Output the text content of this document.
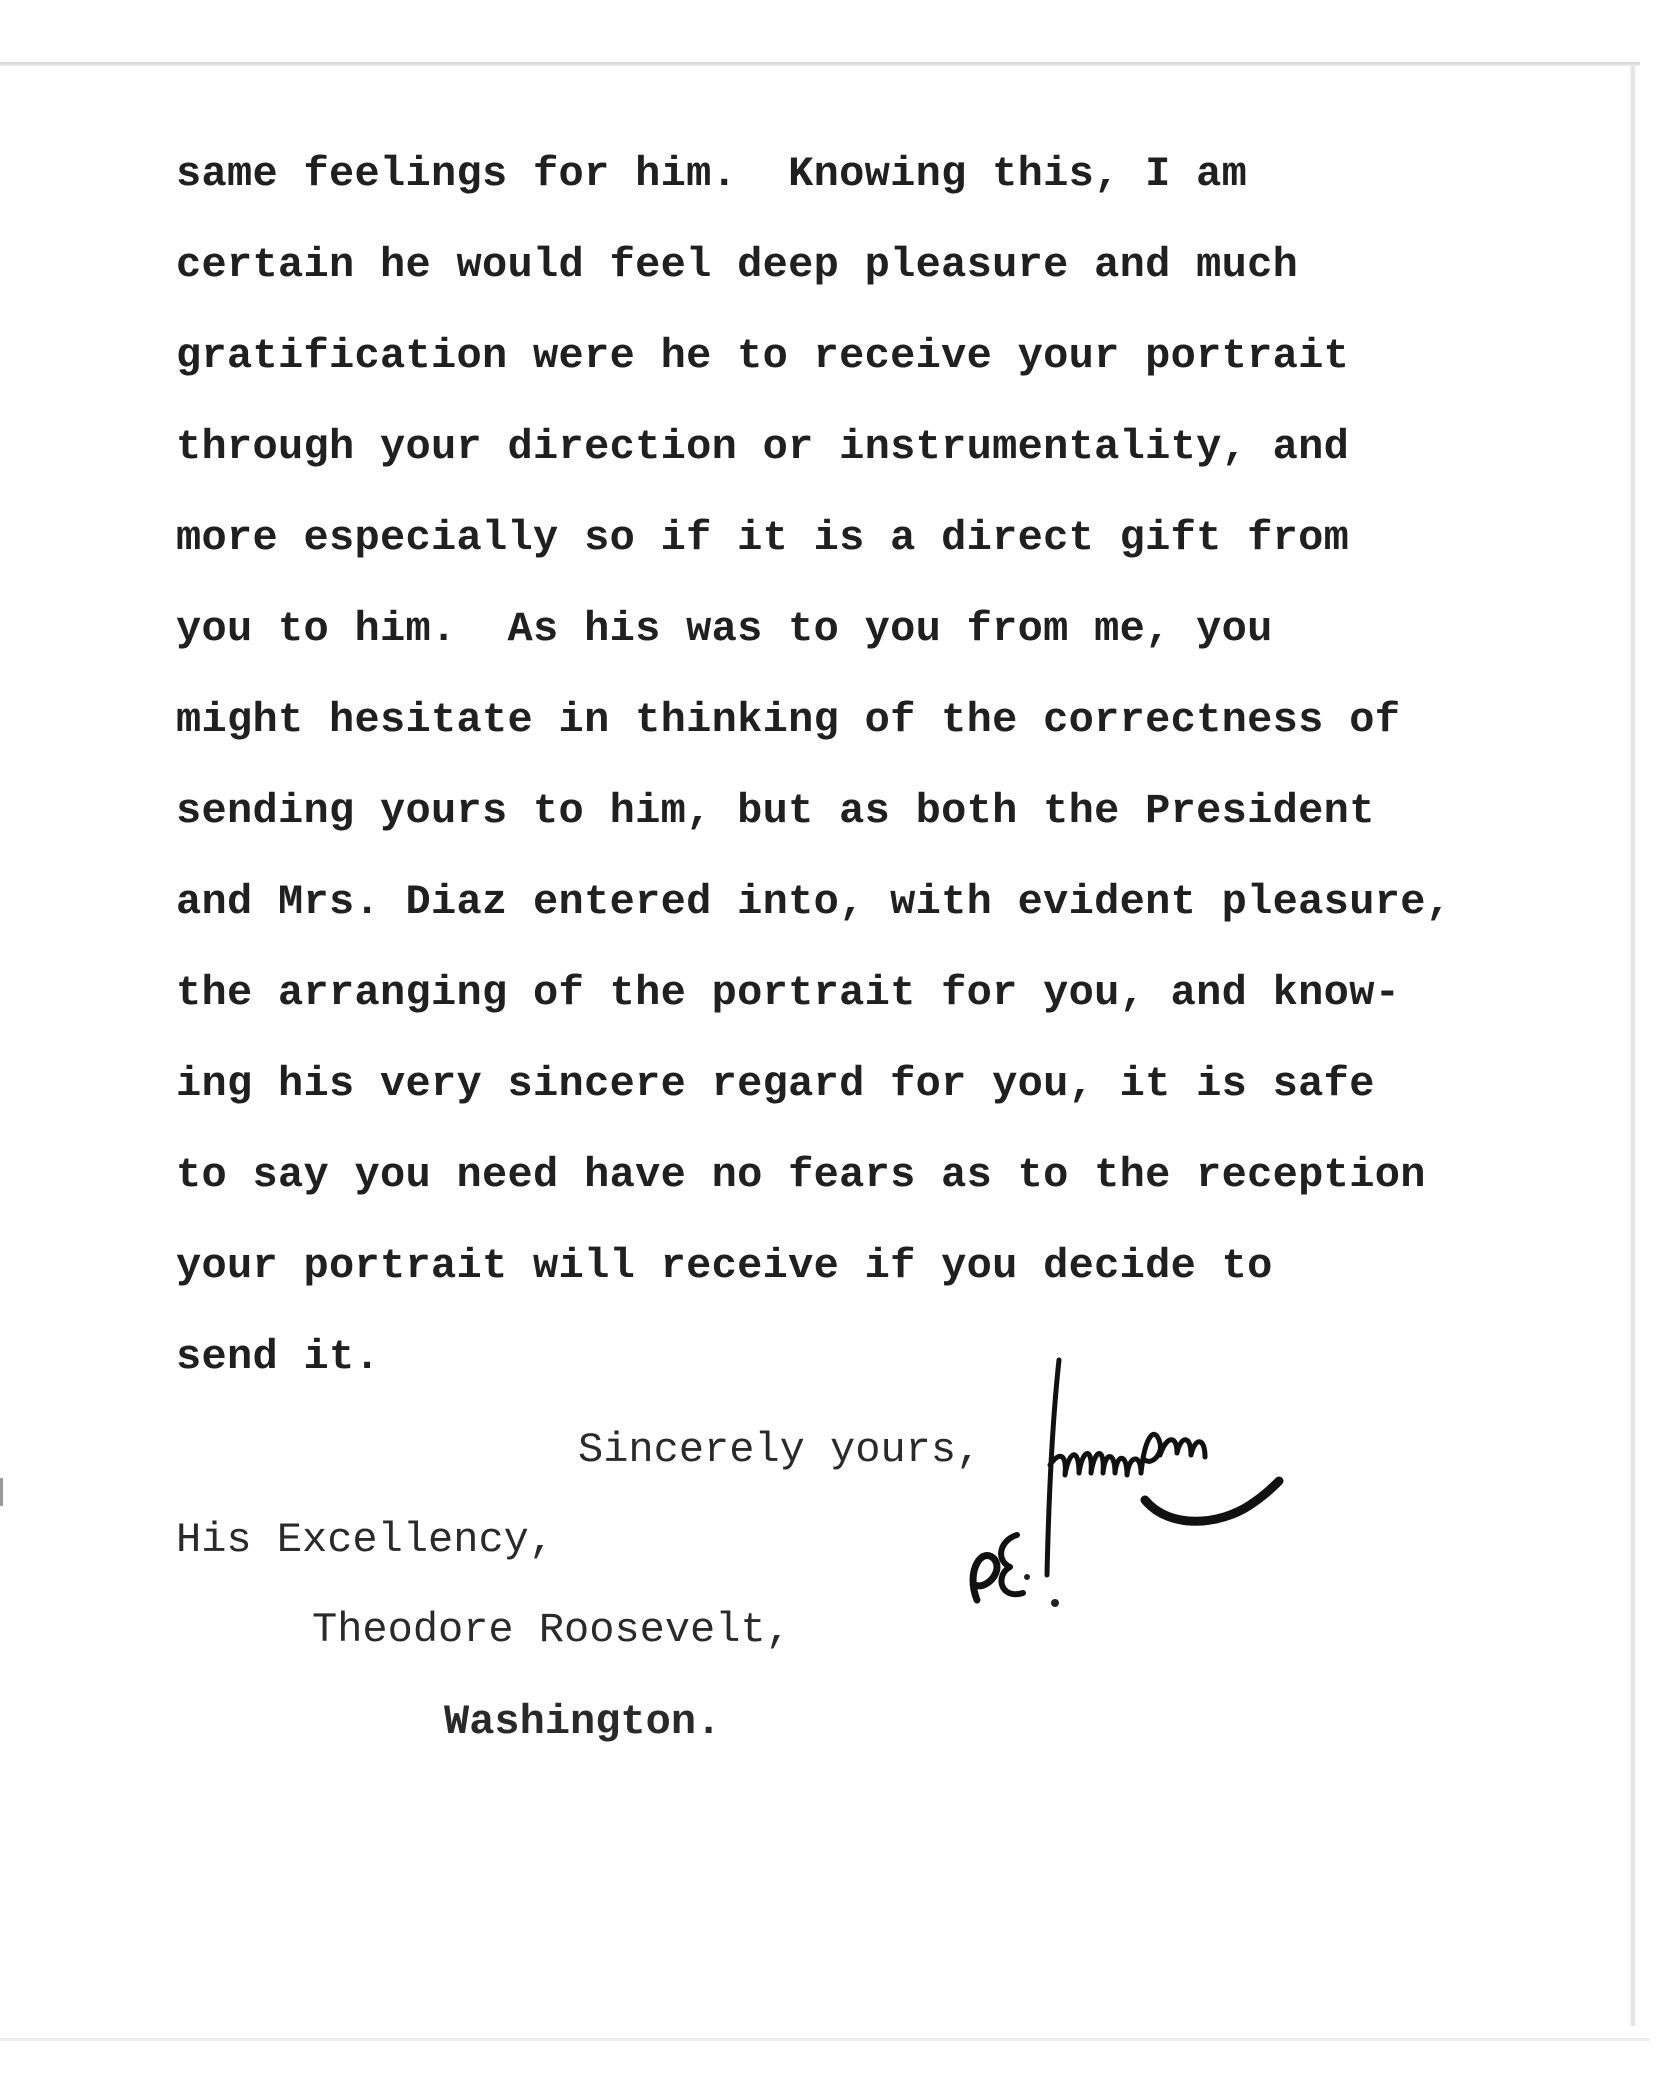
same feelings for him.  Knowing this, I am
certain he would feel deep pleasure and much
gratification were he to receive your portrait
through your direction or instrumentality, and
more especially so if it is a direct gift from
you to him.  As his was to you from me, you
might hesitate in thinking of the correctness of
sending yours to him, but as both the President
and Mrs. Diaz entered into, with evident pleasure,
the arranging of the portrait for you, and know-
ing his very sincere regard for you, it is safe
to say you need have no fears as to the reception
your portrait will receive if you decide to
send it.
Sincerely yours,
His Excellency,
Theodore Roosevelt,
Washington.
